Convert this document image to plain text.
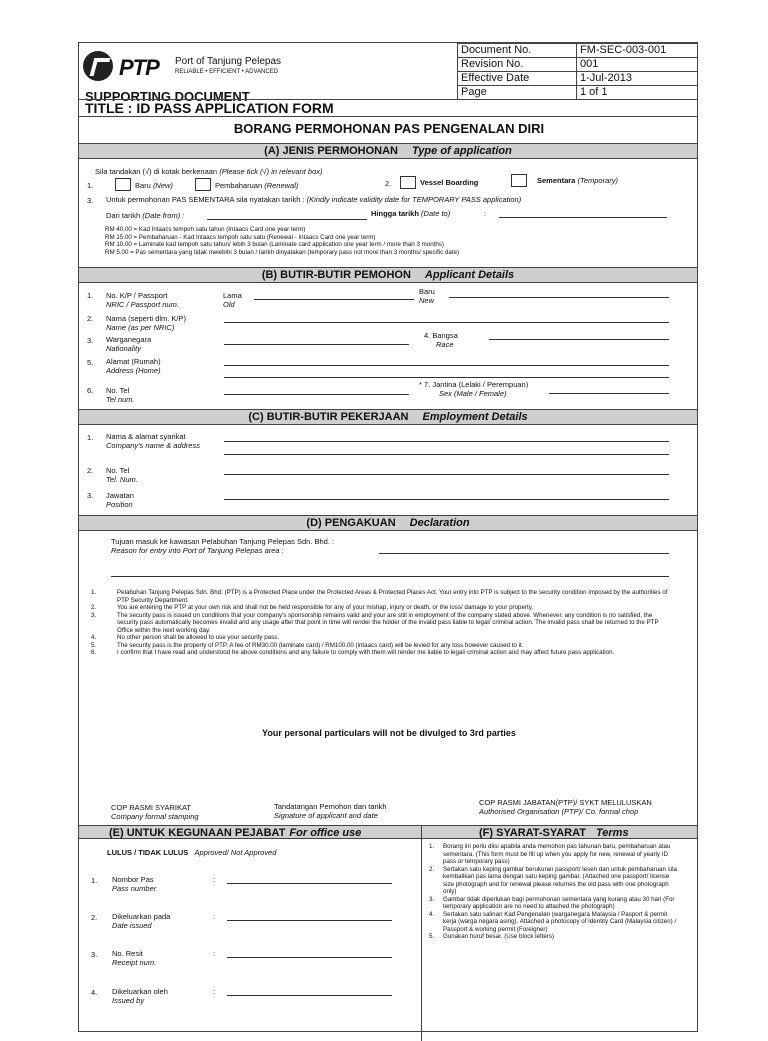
PTP Port of Tanjung Pelepas
RELIABLE • EFFICIENT • ADVANCED
Document No.	FM-SEC-003-001
Revision No.	001
Effective Date	1-Jul-2013
Page	1 of 1
SUPPORTING DOCUMENT
TITLE : ID PASS APPLICATION FORM
BORANG PERMOHONAN PAS PENGENALAN DIRI
(A) JENIS PERMOHONAN Type of application
Sila tandakan (√) di kotak berkenaan (Please tick (√) in relevant box)
1.	Baru (New)	Pembaharuan (Renewal)	2.	Vessel Boarding	Sementara (Temporary)
3. Untuk permohonan PAS SEMENTARA sila nyatakan tarikh : (Kindly indicate validity date for TEMPORARY PASS application)
Dari tarikh (Date from) :	Hingga tarikh (Date to)	:
RM 40.00 = Kad Intaacs tempoh satu tahun (Intaacs Card one year term)
RM 15.00 = Pembaharuan - Kad Intaacs tempoh satu satu (Renewal - Intaacs Card one year term)
RM 10.00 = Laminate kad tempoh satu tahun/ lebih 3 bulan (Laminate card application one year term / more than 3 months)
RM 5.00 = Pas sementara yang tidak melebihi 3 bulan / tarikh dinyatakan (temporary pass not more than 3 months/ specific date)
(B) BUTIR-BUTIR PEMOHON Applicant Details
1. No. K/P / Passport
NRIC / Passport num.
Lama
Old
Baru
New
2. Nama (seperti dlm. K/P)
Name (as per NRIC)
3. Warganegara
Nationality
4. Bangsa
Race
5. Alamat (Rumah)
Address (Home)
6. No. Tel
Tel num.
* 7. Jantina (Lelaki / Perempuan)
Sex (Male / Female)
(C) BUTIR-BUTIR PEKERJAAN Employment Details
1. Nama & alamat syarikat
Company's name & address
2. No. Tel
Tel. Num.
3. Jawatan
Position
(D) PENGAKUAN Declaration
Tujuan masuk ke kawasan Pelabuhan Tanjung Pelepas Sdn. Bhd. :
Reason for entry into Port of Tanjung Pelepas area :
1.	Pelabuhan Tanjung Pelepas Sdn. Bhd. (PTP) is a Protected Place under the Protected Areas & Protected Places Act. Your entry into PTP is subject to the security condition imposed by the authorities of PTP Security Department.
2.	You are entering the PTP at your own risk and shall not be held responsible for any of your mishap, injury or death, or the loss/ damage to your property.
3.	The security pass is issued on conditions that your company's sponsorship remains valid and your are still in employment of the company stated above. Whenever, any condition is no satisfied, the security pass automatically becomes invalid and any usage after that point in time will render the holder of the invalid pass liable to legal/ criminal action. The invalid pass shall be returned to the PTP Office within the next working day.
4.	No other person shall be allowed to use your security pass.
5.	The security pass is the property of PTP. A fee of RM30.00 (laminate card) / RM100.00 (intaacs card) will be levied for any loss however caused to it.
6.	I confirm that I have read and understood he above conditions and any failure to comply with them will render me liable to legal/ criminal action and may affect future pass application.
Your personal particulars will not be divulged to 3rd parties
COP RASMI SYARIKAT
Company formal stamping
Tandatangan Pemohon dan tarikh
Signature of applicant and date
COP RASMI JABATAN(PTP)/ SYKT MELULUSKAN
Authorised Organisation (PTP)/ Co. formal chop
(E) UNTUK KEGUNAAN PEJABAT For office use	(F) SYARAT-SYARAT Terms
LULUS / TIDAK LULUS Approved/ Not Approved
1. Nombor Pas
Pass number
:
2. Dikeluarkan pada
Date issued
:
3. No. Resit
Receipt num.
:
4. Dikeluarkan oleh
Issued by
:
1. Borang ini perlu diisi apabila anda memohon pas tahunan baru, pembaharuan atau sementara. (This form must be fill up when you apply for new, renewal of yearly ID pass or temporary pass)
2. Sertakan satu keping gambar berukuran passport/ lesen dan untuk pembaharuan sila kembalikan pas lama dengan satu keping gambar. (Attached one passport/ license size photograph and for renewal please returnes the old pass with one photograph only)
3. Gambar tidak diperlukan bagi permohonan sementara yang kurang atau 30 hari (For temporary application are no need to attached the photograph)
4. Sertakan satu salinan Kad Pengenalan (warganegara Malaysia / Pasport & permit kerja (warga negara asing). Attached a photocopy of Identity Card (Malaysia citizen) / Passport & working permit (Foreigner)
5. Gunakan huruf besar. (Use block letters)
